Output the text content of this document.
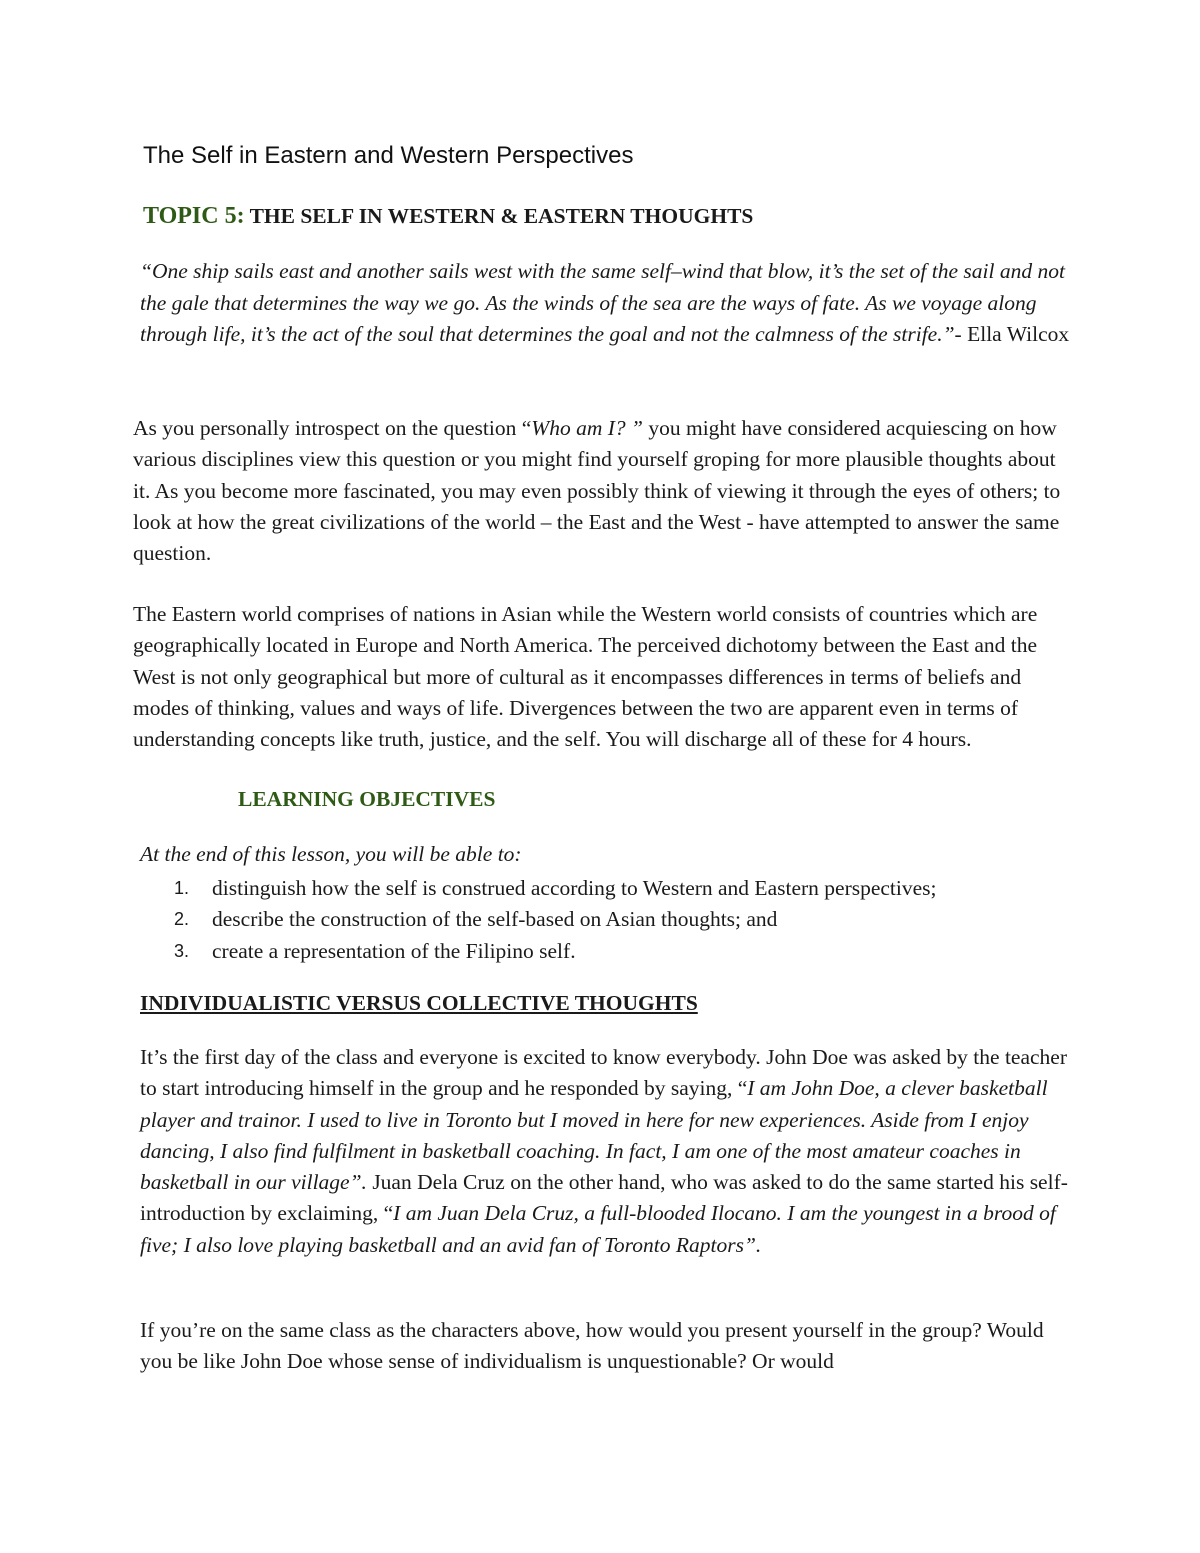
The Self in Eastern and Western Perspectives
TOPIC 5: THE SELF IN WESTERN & EASTERN THOUGHTS
“One ship sails east and another sails west with the same self–wind that blow, it’s the set of the sail and not the gale that determines the way we go. As the winds of the sea are the ways of fate. As we voyage along through life, it’s the act of the soul that determines the goal and not the calmness of the strife.”- Ella Wilcox
As you personally introspect on the question “Who am I? ” you might have considered acquiescing on how various disciplines view this question or you might find yourself groping for more plausible thoughts about it. As you become more fascinated, you may even possibly think of viewing it through the eyes of others; to look at how the great civilizations of the world – the East and the West - have attempted to answer the same question.
The Eastern world comprises of nations in Asian while the Western world consists of countries which are geographically located in Europe and North America. The perceived dichotomy between the East and the West is not only geographical but more of cultural as it encompasses differences in terms of beliefs and modes of thinking, values and ways of life. Divergences between the two are apparent even in terms of understanding concepts like truth, justice, and the self. You will discharge all of these for 4 hours.
LEARNING OBJECTIVES
At the end of this lesson, you will be able to:
1. distinguish how the self is construed according to Western and Eastern perspectives;
2. describe the construction of the self-based on Asian thoughts; and
3. create a representation of the Filipino self.
INDIVIDUALISTIC VERSUS COLLECTIVE THOUGHTS
It’s the first day of the class and everyone is excited to know everybody. John Doe was asked by the teacher to start introducing himself in the group and he responded by saying, “I am John Doe, a clever basketball player and trainor. I used to live in Toronto but I moved in here for new experiences. Aside from I enjoy dancing, I also find fulfilment in basketball coaching. In fact, I am one of the most amateur coaches in basketball in our village”. Juan Dela Cruz on the other hand, who was asked to do the same started his self-introduction by exclaiming, “I am Juan Dela Cruz, a full-blooded Ilocano. I am the youngest in a brood of five; I also love playing basketball and an avid fan of Toronto Raptors”.
If you’re on the same class as the characters above, how would you present yourself in the group? Would you be like John Doe whose sense of individualism is unquestionable? Or would
